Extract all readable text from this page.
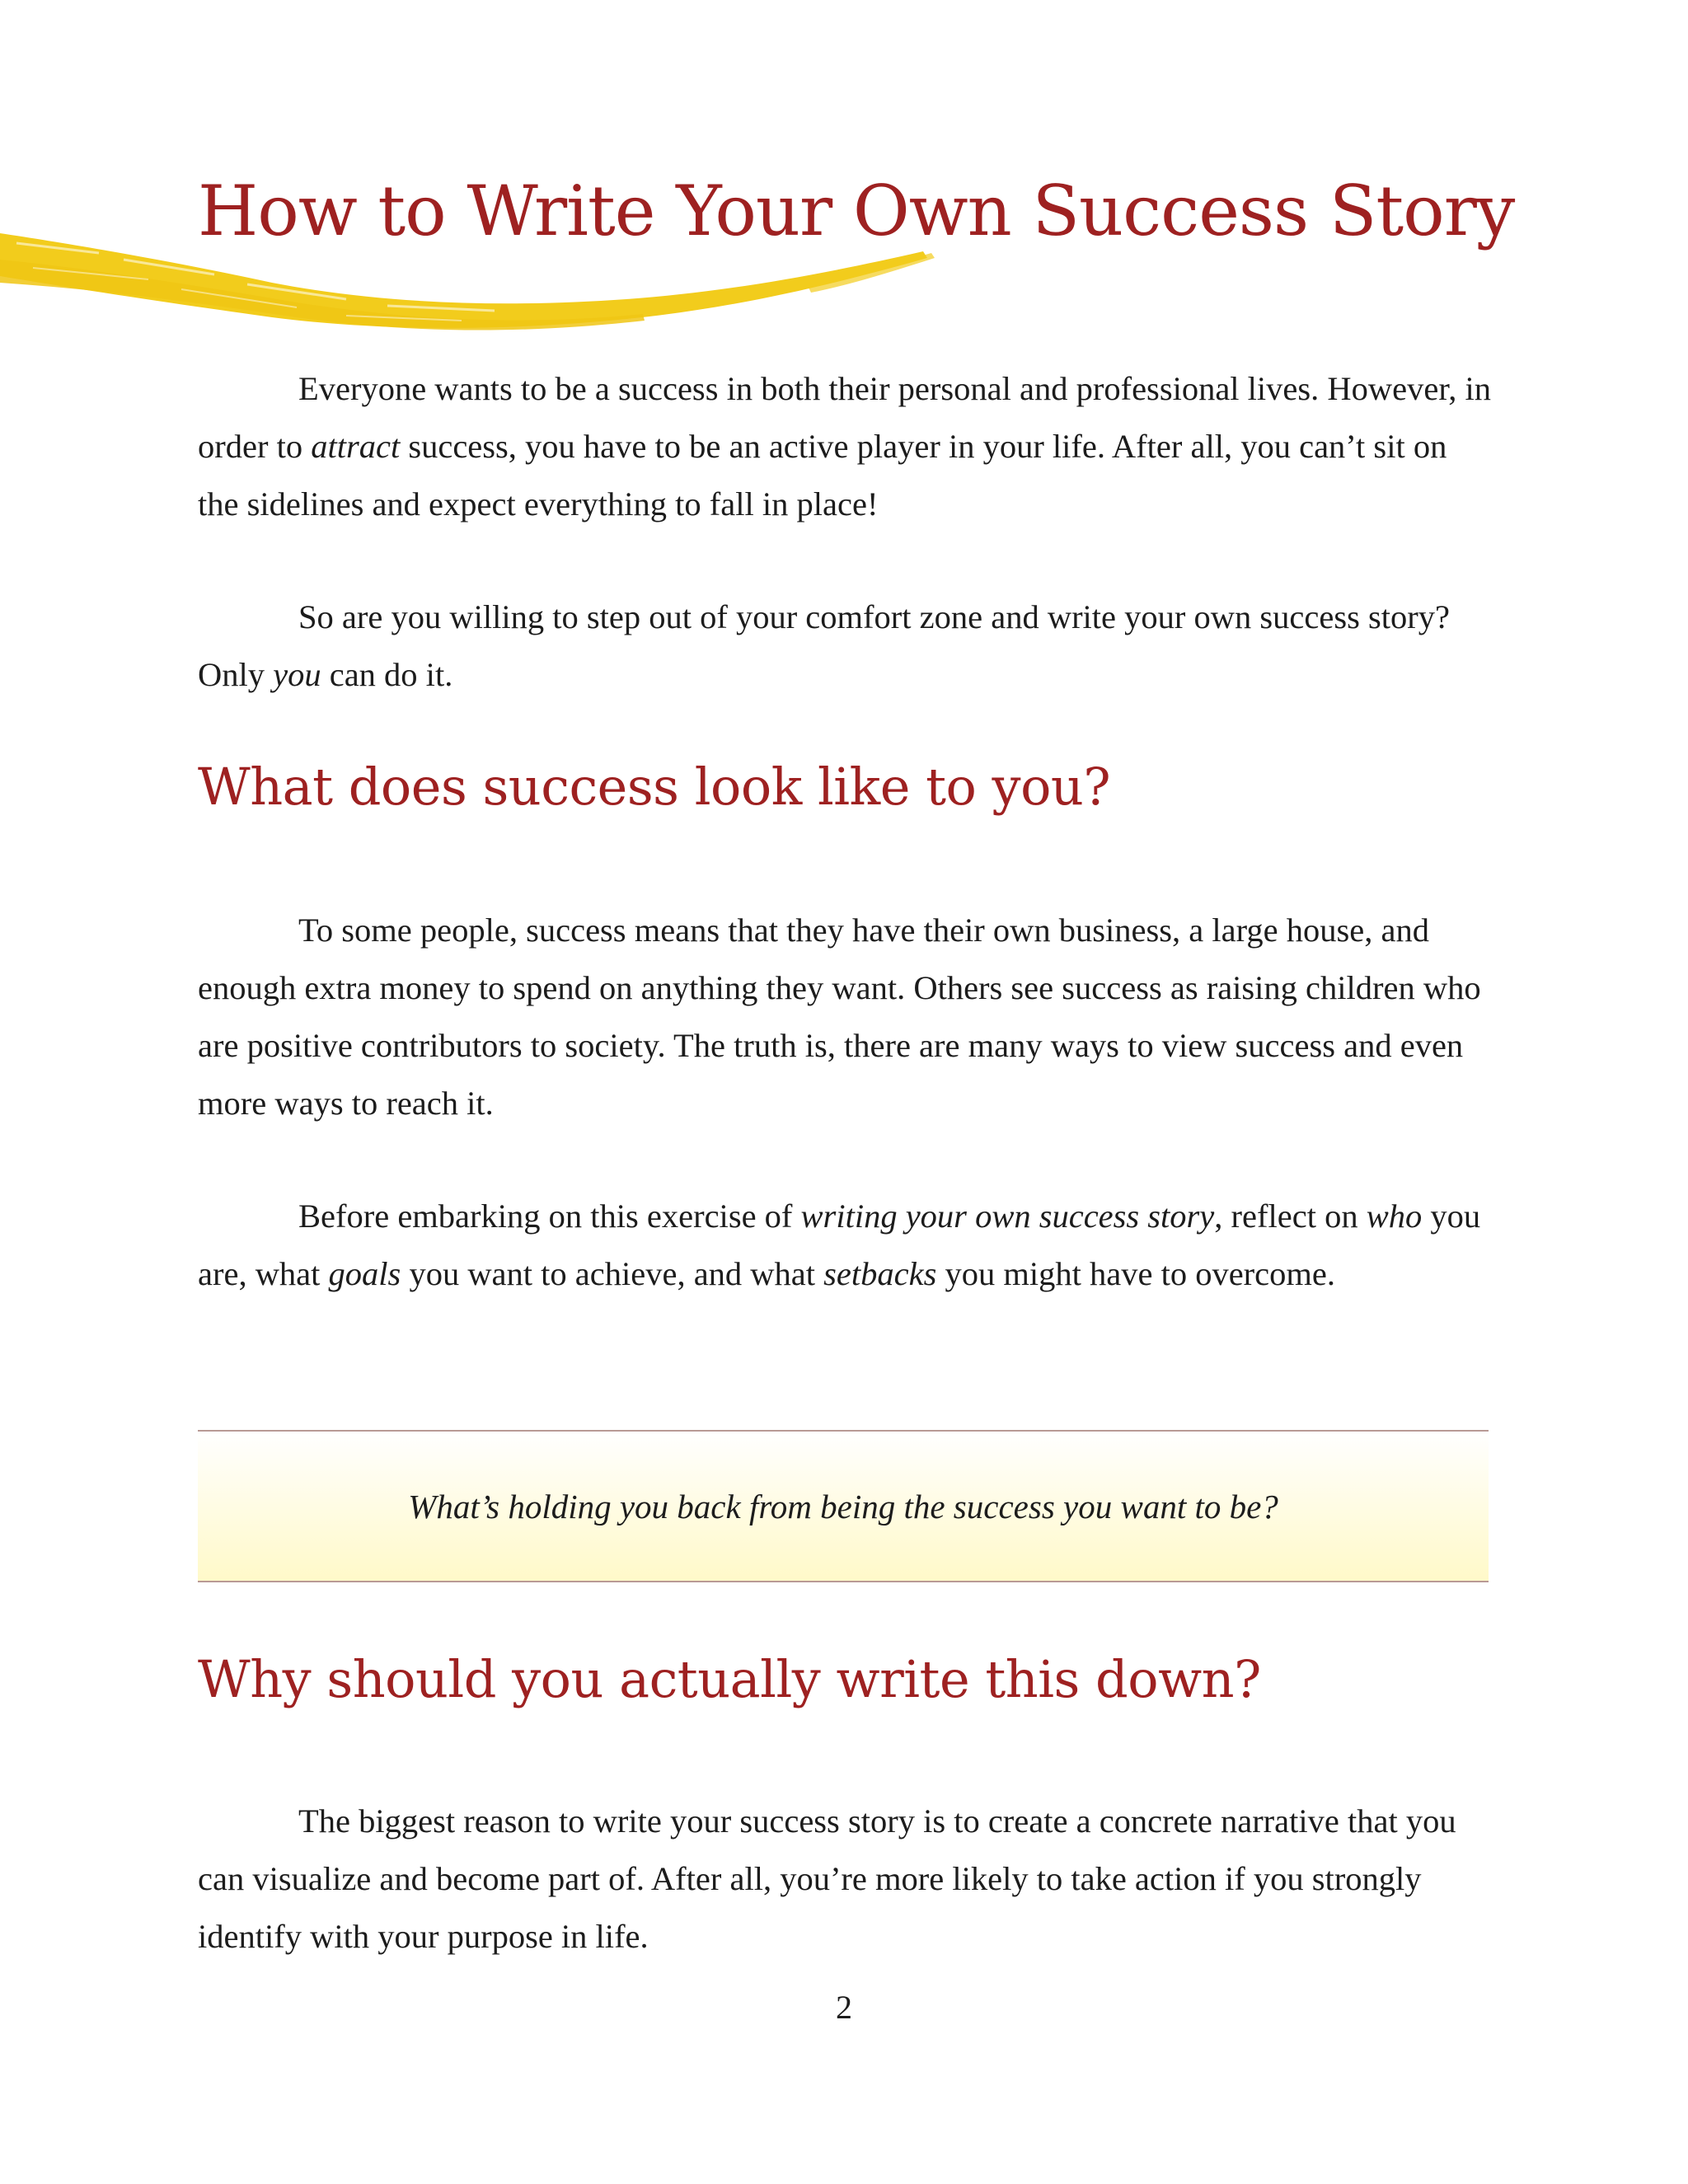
How to Write Your Own Success Story

Everyone wants to be a success in both their personal and professional lives. However, in order to attract success, you have to be an active player in your life. After all, you can’t sit on the sidelines and expect everything to fall in place!

So are you willing to step out of your comfort zone and write your own success story? Only you can do it.

What does success look like to you?

To some people, success means that they have their own business, a large house, and enough extra money to spend on anything they want. Others see success as raising children who are positive contributors to society. The truth is, there are many ways to view success and even more ways to reach it.

Before embarking on this exercise of writing your own success story, reflect on who you are, what goals you want to achieve, and what setbacks you might have to overcome.

What’s holding you back from being the success you want to be?
Why should you actually write this down?

The biggest reason to write your success story is to create a concrete narrative that you can visualize and become part of. After all, you’re more likely to take action if you strongly identify with your purpose in life.

2
